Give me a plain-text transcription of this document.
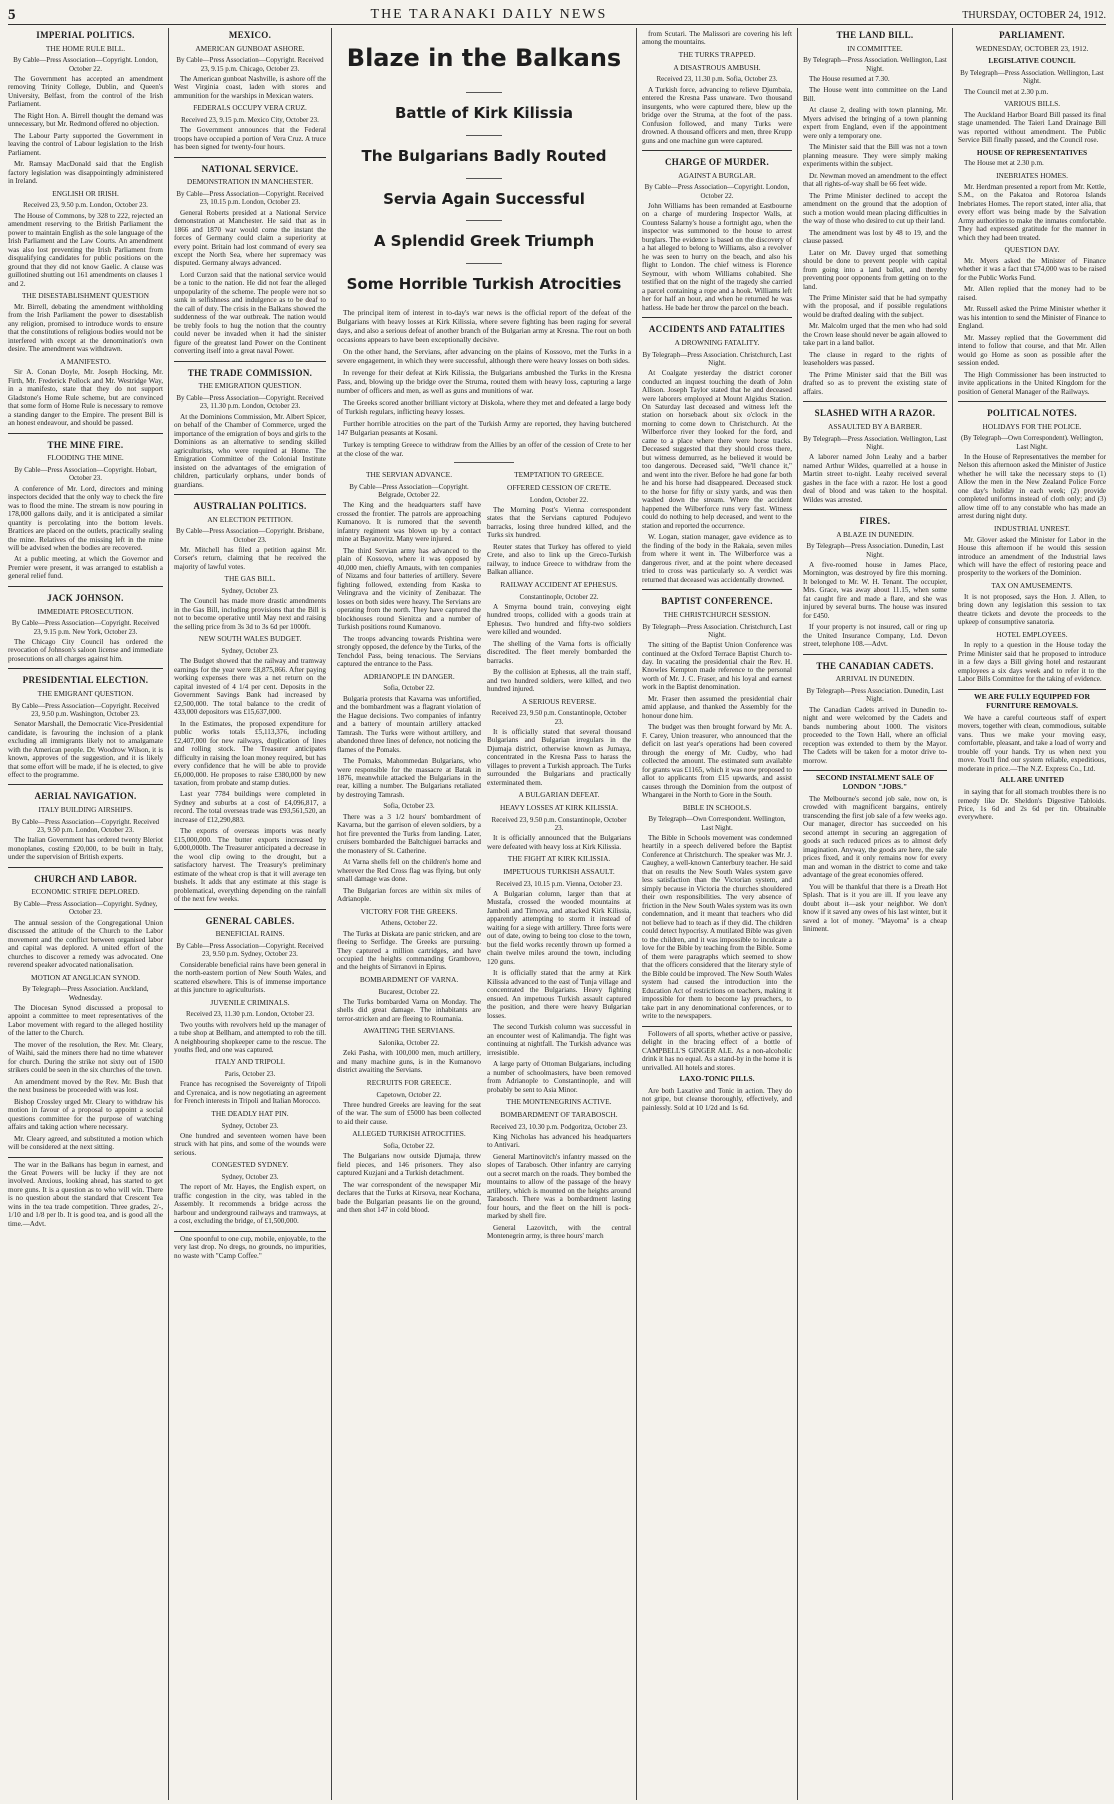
5	THE TARANAKI DAILY NEWS	THURSDAY, OCTOBER 24, 1912.
IMPERIAL POLITICS.
THE HOME RULE BILL.
By Cable—Press Association—Copyright. London, October 22.

The Government has accepted an amendment removing Trinity College, Dublin, and Queen's University, Belfast, from the control of the Irish Parliament.

The Right Hon. A. Birrell thought the demand was unnecessary, but Mr. Redmond offered no objection.

The Labour Party supported the Government in leaving the control of Labour legislation to the Irish Parliament.

Mr. Ramsay MacDonald said that the English factory legislation was disappointingly administered in Ireland.

ENGLISH OR IRISH.
Received 23, 9.50 p.m. London, October 23.

The House of Commons, by 328 to 222, rejected an amendment reserving to the British Parliament the power to maintain English as the sole language of the Irish Parliament and the Law Courts. An amendment was also lost preventing the Irish Parliament from disqualifying candidates for public positions on the ground that they did not know Gaelic. A clause was guillotined shutting out 161 amendments on clauses 1 and 2.

THE DISESTABLISHMENT QUESTION

Mr. Birrell, debating the amendment withholding from the Irish Parliament the power to disestablish any religion, promised to introduce words to ensure that the constitutions of religious bodies would not be interfered with except at the denomination's own desire. The amendment was withdrawn.

A MANIFESTO.

Sir A. Conan Doyle, Mr. Joseph Hocking, Mr. Firth, Mr. Frederick Pollock and Mr. Westridge Way, in a manifesto, state that they do not support Gladstone's Home Rule scheme, but are convinced that some form of Home Rule is necessary to remove a standing danger to the Empire. The present Bill is an honest endeavour, and should be passed.

THE MINE FIRE.
FLOODING THE MINE.
By Cable—Press Association—Copyright. Hobart, October 23.

A conference of Mr. Lord, directors and mining inspectors decided that the only way to check the fire was to flood the mine. The stream is now pouring in 178,000 gallons daily, and it is anticipated a similar quantity is percolating into the bottom levels. Brattices are placed on the outlets, practically sealing the mine. Relatives of the missing left in the mine will be advised when the bodies are recovered.

At a public meeting, at which the Governor and Premier were present, it was arranged to establish a general relief fund.

JACK JOHNSON.
IMMEDIATE PROSECUTION.
By Cable—Press Association—Copyright. Received 23, 9.15 p.m. New York, October 23.

The Chicago City Council has ordered the revocation of Johnson's saloon license and immediate prosecutions on all charges against him.

PRESIDENTIAL ELECTION.
THE EMIGRANT QUESTION.
By Cable—Press Association—Copyright. Received 23, 9.50 p.m. Washington, October 23.

Senator Marshall, the Democratic Vice-Presidential candidate, is favouring the inclusion of a plank excluding all immigrants likely not to amalgamate with the American people. Dr. Woodrow Wilson, it is known, approves of the suggestion, and it is likely that some effort will be made, if he is elected, to give effect to the programme.

AERIAL NAVIGATION.
ITALY BUILDING AIRSHIPS.
By Cable—Press Association—Copyright. Received 23, 9.50 p.m. London, October 23.

The Italian Government has ordered twenty Bleriot monoplanes, costing £20,000, to be built in Italy, under the supervision of British experts.

CHURCH AND LABOR.
ECONOMIC STRIFE DEPLORED.
By Cable—Press Association—Copyright. Sydney, October 23.

The annual session of the Congregational Union discussed the attitude of the Church to the Labor movement and the conflict between organised labor and capital was deplored. A united effort of the churches to discover a remedy was advocated. One reverend speaker advocated nationalisation.

MOTION AT ANGLICAN SYNOD.
By Telegraph—Press Association. Auckland, Wednesday.

The Diocesan Synod discussed a proposal to appoint a committee to meet representatives of the Labor movement with regard to the alleged hostility of the latter to the Church.

The mover of the resolution, the Rev. Mr. Cleary, of Waihi, said the miners there had no time whatever for church. During the strike not sixty out of 1500 strikers could be seen in the six churches of the town.

An amendment moved by the Rev. Mr. Bush that the next business be proceeded with was lost.

Bishop Crossley urged Mr. Cleary to withdraw his motion in favour of a proposal to appoint a social questions committee for the purpose of watching affairs and taking action where necessary.

Mr. Cleary agreed, and substituted a motion which will be considered at the next sitting.

The war in the Balkans has begun in earnest, and the Great Powers will be lucky if they are not involved. Anxious, looking ahead, has started to get more guns. It is a question as to who will win. There is no question about the standard that Crescent Tea wins in the tea trade competition. Three grades, 2/-, 1/10 and 1/8 per lb. It is good tea, and is good all the time.—Advt.

MEXICO.
AMERICAN GUNBOAT ASHORE.
By Cable—Press Association—Copyright. Received 23, 9.15 p.m. Chicago, October 23.

The American gunboat Nashville, is ashore off the West Virginia coast, laden with stores and ammunition for the warships in Mexican waters.

FEDERALS OCCUPY VERA CRUZ.
Received 23, 9.15 p.m. Mexico City, October 23.

The Government announces that the Federal troops have occupied a portion of Vera Cruz. A truce has been signed for twenty-four hours.

NATIONAL SERVICE.
DEMONSTRATION IN MANCHESTER.
By Cable—Press Association—Copyright. Received 23, 10.15 p.m. London, October 23.

General Roberts presided at a National Service demonstration at Manchester. He said that as in 1866 and 1870 war would come the instant the forces of Germany could claim a superiority at every point. Britain had lost command of every sea except the North Sea, where her supremacy was disputed. Germany always advanced.

Lord Curzon said that the national service would be a tonic to the nation. He did not fear the alleged unpopularity of the scheme. The people were not so sunk in selfishness and indulgence as to be deaf to the call of duty. The crisis in the Balkans showed the suddenness of the war outbreak. The nation would be trebly fools to hug the notion that the country could never be invaded when it had the sinister figure of the greatest land Power on the Continent converting itself into a great naval Power.

THE TRADE COMMISSION.
THE EMIGRATION QUESTION.
By Cable—Press Association—Copyright. Received 23, 11.30 p.m. London, October 23.

At the Dominions Commission, Mr. Albert Spicer, on behalf of the Chamber of Commerce, urged the importance of the emigration of boys and girls to the Dominions as an alternative to sending skilled agriculturists, who were required at Home. The Emigration Committee of the Colonial Institute insisted on the advantages of the emigration of children, particularly orphans, under bonds of guardians.

AUSTRALIAN POLITICS.
AN ELECTION PETITION.
By Cable—Press Association—Copyright. Brisbane, October 23.

Mr. Mitchell has filed a petition against Mr. Corser's return, claiming that he received the majority of lawful votes.

THE GAS BILL.
Sydney, October 23.

The Council has made more drastic amendments in the Gas Bill, including provisions that the Bill is not to become operative until May next and raising the selling price from 3s 3d to 3s 6d per 1000ft.

NEW SOUTH WALES BUDGET.
Sydney, October 23.

The Budget showed that the railway and tramway earnings for the year were £8,875,866. After paying working expenses there was a net return on the capital invested of 4 1/4 per cent. Deposits in the Government Savings Bank had increased by £2,500,000. The total balance to the credit of 433,000 depositors was £15,637,000.

In the Estimates, the proposed expenditure for public works totals £5,113,376, including £2,407,000 for new railways, duplication of lines and rolling stock. The Treasurer anticipates difficulty in raising the loan money required, but has every confidence that he will be able to provide £6,000,000. He proposes to raise £380,000 by new taxation, from probate and stamp duties.

Last year 7784 buildings were completed in Sydney and suburbs at a cost of £4,096,817, a record. The total overseas trade was £93,561,520, an increase of £12,290,883.

The exports of overseas imports was nearly £15,000,000. The butter exports increased by 6,000,000lb. The Treasurer anticipated a decrease in the wool clip owing to the drought, but a satisfactory harvest. The Treasury's preliminary estimate of the wheat crop is that it will average ten bushels. It adds that any estimate at this stage is problematical, everything depending on the rainfall of the next few weeks.

GENERAL CABLES.
BENEFICIAL RAINS.
By Cable—Press Association—Copyright. Received 23, 9.50 p.m. Sydney, October 23.

Considerable beneficial rains have been general in the north-eastern portion of New South Wales, and scattered elsewhere. This is of immense importance at this juncture to agriculturists.

JUVENILE CRIMINALS.
Received 23, 11.30 p.m. London, October 23.

Two youths with revolvers held up the manager of a tube shop at Bellham, and attempted to rob the till. A neighbouring shopkeeper came to the rescue. The youths fled, and one was captured.

ITALY AND TRIPOLI.
Paris, October 23.

France has recognised the Sovereignty of Tripoli and Cyrenaica, and is now negotiating an agreement for French interests in Tripoli and Italian Morocco.

THE DEADLY HAT PIN.
Sydney, October 23.

One hundred and seventeen women have been struck with hat pins, and some of the wounds were serious.

CONGESTED SYDNEY.
Sydney, October 23.

The report of Mr. Hayes, the English expert, on traffic congestion in the city, was tabled in the Assembly. It recommends a bridge across the harbour and underground railways and tramways, at a cost, excluding the bridge, of £1,500,000.

One spoonful to one cup, mobile, enjoyable, to the very last drop. No dregs, no grounds, no impurities, no waste with "Camp Coffee."

Blaze in the Balkans
Battle of Kirk Kilissia
The Bulgarians Badly Routed
Servia Again Successful
A Splendid Greek Triumph
Some Horrible Turkish Atrocities

The principal item of interest in to-day's war news is the official report of the defeat of the Bulgarians with heavy losses at Kirk Kilissia, where severe fighting has been raging for several days, and also a serious defeat of another branch of the Bulgarian army at Kresna. The rout on both occasions appears to have been exceptionally decisive.

On the other hand, the Servians, after advancing on the plains of Kossovo, met the Turks in a severe engagement, in which they were successful, although there were heavy losses on both sides.

In revenge for their defeat at Kirk Kilissia, the Bulgarians ambushed the Turks in the Kresna Pass, and, blowing up the bridge over the Struma, routed them with heavy loss, capturing a large number of officers and men, as well as guns and munitions of war.

The Greeks scored another brilliant victory at Diskola, where they met and defeated a large body of Turkish regulars, inflicting heavy losses.

Further horrible atrocities on the part of the Turkish Army are reported, they having butchered 147 Bulgarian peasants at Kosani.

Turkey is tempting Greece to withdraw from the Allies by an offer of the cession of Crete to her at the close of the war.

THE SERVIAN ADVANCE.
By Cable—Press Association—Copyright. Belgrade, October 22.

The King and the headquarters staff have crossed the frontier. The patrols are approaching Kumanovo. It is rumored that the seventh infantry regiment was blown up by a contact mine at Bayanovitz. Many were injured.

The third Servian army has advanced to the plain of Kossovo, where it was opposed by 40,000 men, chiefly Arnauts, with ten companies of Nizams and four batteries of artillery. Severe fighting followed, extending from Kaska to Velingrava and the vicinity of Zenibazar. The losses on both sides were heavy. The Servians are operating from the north. They have captured the blockhouses round Sienitza and a number of Turkish positions round Kumanovo.

The troops advancing towards Prishtina were strongly opposed, the defence by the Turks, of the Tenchdol Pass, being tenacious. The Servians captured the entrance to the Pass.

ADRIANOPLE IN DANGER.
Sofia, October 22.

Bulgaria protests that Kavarna was unfortified, and the bombardment was a flagrant violation of the Hague decisions. Two companies of infantry and a battery of mountain artillery attacked Tamrash. The Turks were without artillery, and abandoned three lines of defence, not noticing the flames of the Pomaks.

The Pomaks, Mahommedan Bulgarians, who were responsible for the massacre at Batak in 1876, meanwhile attacked the Bulgarians in the rear, killing a number. The Bulgarians retaliated by destroying Tamrash.

Sofia, October 23.

There was a 3 1/2 hours' bombardment of Kavarna, but the garrison of eleven soldiers, by a hot fire prevented the Turks from landing. Later, cruisers bombarded the Baltchiguei barracks and the monastery of St. Catherine.

At Varna shells fell on the children's home and wherever the Red Cross flag was flying, but only small damage was done.

The Bulgarian forces are within six miles of Adrianople.

VICTORY FOR THE GREEKS.
Athens, October 22.

The Turks at Diskata are panic stricken, and are fleeing to Serfidge. The Greeks are pursuing. They captured a million cartridges, and have occupied the heights commanding Grambovo, and the heights of Sirranovi in Epirus.

BOMBARDMENT OF VARNA.
Bucarest, October 22.

The Turks bombarded Varna on Monday. The shells did great damage. The inhabitants are terror-stricken and are fleeing to Roumania.

AWAITING THE SERVIANS.
Salonika, October 22.

Zeki Pasha, with 100,000 men, much artillery, and many machine guns, is in the Kumanovo district awaiting the Servians.

RECRUITS FOR GREECE.
Capetown, October 22.

Three hundred Greeks are leaving for the seat of the war. The sum of £5000 has been collected to aid their cause.

ALLEGED TURKISH ATROCITIES.
Sofia, October 22.

The Bulgarians now outside Djumaja, threw field pieces, and 146 prisoners. They also captured Kuzjani and a Turkish detachment.

The war correspondent of the newspaper Mir declares that the Turks at Kirsova, near Kochana, bade the Bulgarian peasants lie on the ground, and then shot 147 in cold blood.

TEMPTATION TO GREECE.
OFFERED CESSION OF CRETE.
London, October 22.

The Morning Post's Vienna correspondent states that the Servians captured Podujevo barracks, losing three hundred killed, and the Turks six hundred.

Reuter states that Turkey has offered to yield Crete, and also to link up the Greco-Turkish railway, to induce Greece to withdraw from the Balkan alliance.

RAILWAY ACCIDENT AT EPHESUS.
Constantinople, October 22.

A Smyrna bound train, conveying eight hundred troops, collided with a goods train at Ephesus. Two hundred and fifty-two soldiers were killed and wounded.

The shelling of the Varna forts is officially discredited. The fleet merely bombarded the barracks.

By the collision at Ephesus, all the train staff, and two hundred soldiers, were killed, and two hundred injured.

A SERIOUS REVERSE.
Received 23, 9.50 p.m. Constantinople, October 23.

It is officially stated that several thousand Bulgarians and Bulgarian irregulars in the Djumaja district, otherwise known as Jumaya, concentrated in the Kresna Pass to harass the villages to prevent a Turkish approach. The Turks surrounded the Bulgarians and practically exterminated them.

A BULGARIAN DEFEAT.
HEAVY LOSSES AT KIRK KILISSIA.
Received 23, 9.50 p.m. Constantinople, October 23.

It is officially announced that the Bulgarians were defeated with heavy loss at Kirk Kilissia.

THE FIGHT AT KIRK KILISSIA.
IMPETUOUS TURKISH ASSAULT.
Received 23, 10.15 p.m. Vienna, October 23.

A Bulgarian column, larger than that at Mustafa, crossed the wooded mountains at Jamboli and Tirnova, and attacked Kirk Kilissia, apparently attempting to storm it instead of waiting for a siege with artillery. Three forts were out of date, owing to being too close to the town, but the field works recently thrown up formed a chain twelve miles around the town, including 120 guns.

It is officially stated that the army at Kirk Kilissia advanced to the east of Tunja village and concentrated the Bulgarians. Heavy fighting ensued. An impetuous Turkish assault captured the position, and there were heavy Bulgarian losses.

The second Turkish column was successful in an encounter west of Kalimandja. The fight was continuing at nightfall. The Turkish advance was irresistible.

A large party of Ottoman Bulgarians, including a number of schoolmasters, have been removed from Adrianople to Constantinople, and will probably be sent to Asia Minor.

THE MONTENEGRINS ACTIVE.
BOMBARDMENT OF TARABOSCH.
Received 23, 10.30 p.m. Podgoritza, October 23.

King Nicholas has advanced his headquarters to Antivari.

General Martinovitch's infantry massed on the slopes of Tarabosch. Other infantry are carrying out a secret march on the roads. They bombed the mountains to allow of the passage of the heavy artillery, which is mounted on the heights around Tarabosch. There was a bombardment lasting four hours, and the fleet on the hill is pock-marked by shell fire.

General Lazovitch, with the central Montenegrin army, is three hours' march

from Scutari. The Malissori are covering his left among the mountains.

THE TURKS TRAPPED.
A DISASTROUS AMBUSH.
Received 23, 11.30 p.m. Sofia, October 23.

A Turkish force, advancing to relieve Djumbaia, entered the Kresna Pass unaware. Two thousand insurgents, who were captured there, blew up the bridge over the Struma, at the foot of the pass. Confusion followed, and many Turks were drowned. A thousand officers and men, three Krupp guns and one machine gun were captured.

CHARGE OF MURDER.
AGAINST A BURGLAR.
By Cable—Press Association—Copyright. London, October 22.

John Williams has been remanded at Eastbourne on a charge of murdering Inspector Walls, at Countess Salarny's house a fortnight ago, when the inspector was summoned to the house to arrest burglars. The evidence is based on the discovery of a hat alleged to belong to Williams, also a revolver he was seen to hurry on the beach, and also his flight to London. The chief witness is Florence Seymour, with whom Williams cohabited. She testified that on the night of the tragedy she carried a parcel containing a rope and a hook. Williams left her for half an hour, and when he returned he was hatless. He bade her throw the parcel on the beach.

ACCIDENTS AND FATALITIES
A DROWNING FATALITY.
By Telegraph—Press Association. Christchurch, Last Night.

At Coalgate yesterday the district coroner conducted an inquest touching the death of John Allison. Joseph Taylor stated that he and deceased were laborers employed at Mount Algidus Station. On Saturday last deceased and witness left the station on horseback about six o'clock in the morning to come down to Christchurch. At the Wilberforce river they looked for the ford, and came to a place where there were horse tracks. Deceased suggested that they should cross there, but witness demurred, as he believed it would be too dangerous. Deceased said, "We'll chance it," and went into the river. Before he had gone far both he and his horse had disappeared. Deceased stuck to the horse for fifty or sixty yards, and was then washed down the stream. Where the accident happened the Wilberforce runs very fast. Witness could do nothing to help deceased, and went to the station and reported the occurrence.

W. Logan, station manager, gave evidence as to the finding of the body in the Rakaia, seven miles from where it went in. The Wilberforce was a dangerous river, and at the point where deceased tried to cross was particularly so. A verdict was returned that deceased was accidentally drowned.

BAPTIST CONFERENCE.
THE CHRISTCHURCH SESSION.
By Telegraph—Press Association. Christchurch, Last Night.

The sitting of the Baptist Union Conference was continued at the Oxford Terrace Baptist Church to-day. In vacating the presidential chair the Rev. H. Knowles Kempton made reference to the personal worth of Mr. J. C. Fraser, and his loyal and earnest work in the Baptist denomination.

Mr. Fraser then assumed the presidential chair amid applause, and thanked the Assembly for the honour done him.

The budget was then brought forward by Mr. A. F. Carey, Union treasurer, who announced that the deficit on last year's operations had been covered through the energy of Mr. Cudby, who had collected the amount. The estimated sum available for grants was £1165, which it was now proposed to allot to applicants from £15 upwards, and assist causes through the Dominion from the outpost of Whangarei in the North to Gore in the South.

BIBLE IN SCHOOLS.
By Telegraph—Own Correspondent. Wellington, Last Night.

The Bible in Schools movement was condemned heartily in a speech delivered before the Baptist Conference at Christchurch. The speaker was Mr. J. Caughey, a well-known Canterbury teacher. He said that on results the New South Wales system gave less satisfaction than the Victorian system, and simply because in Victoria the churches shouldered their own responsibilities. The very absence of friction in the New South Wales system was its own condemnation, and it meant that teachers who did not believe had to teach as if they did. The children could detect hypocrisy. A mutilated Bible was given to the children, and it was impossible to inculcate a love for the Bible by teaching from the Bible. Some of them were paragraphs which seemed to show that the officers considered that the literary style of the Bible could be improved. The New South Wales system had caused the introduction into the Education Act of restrictions on teachers, making it impossible for them to become lay preachers, to take part in any denominational conferences, or to write to the newspapers.

Followers of all sports, whether active or passive, delight in the bracing effect of a bottle of CAMPBELL'S GINGER ALE. As a non-alcoholic drink it has no equal. As a stand-by in the home it is unrivalled. All hotels and stores.

LAXO-TONIC PILLS.

Are both Laxative and Tonic in action. They do not gripe, but cleanse thoroughly, effectively, and painlessly. Sold at 10 1/2d and 1s 6d.

THE LAND BILL.
IN COMMITTEE.
By Telegraph—Press Association. Wellington, Last Night.

The House resumed at 7.30.

The House went into committee on the Land Bill.

At clause 2, dealing with town planning, Mr. Myers advised the bringing of a town planning expert from England, even if the appointment were only a temporary one.

The Minister said that the Bill was not a town planning measure. They were simply making experiments within the subject.

Dr. Newman moved an amendment to the effect that all rights-of-way shall be 66 feet wide.

The Prime Minister declined to accept the amendment on the ground that the adoption of such a motion would mean placing difficulties in the way of those who desired to cut up their land.

The amendment was lost by 48 to 19, and the clause passed.

Later on Mr. Davey urged that something should be done to prevent people with capital from going into a land ballot, and thereby preventing poor opponents from getting on to the land.

The Prime Minister said that he had sympathy with the proposal, and if possible regulations would be drafted dealing with the subject.

Mr. Malcolm urged that the men who had sold the Crown lease should never be again allowed to take part in a land ballot.

The clause in regard to the rights of leaseholders was passed.

The Prime Minister said that the Bill was drafted so as to prevent the existing state of affairs.

SLASHED WITH A RAZOR.
ASSAULTED BY A BARBER.
By Telegraph—Press Association. Wellington, Last Night.

A laborer named John Leahy and a barber named Arthur Wildes, quarrelled at a house in Martin street to-night. Leahy received several gashes in the face with a razor. He lost a good deal of blood and was taken to the hospital. Wildes was arrested.

FIRES.
A BLAZE IN DUNEDIN.
By Telegraph—Press Association. Dunedin, Last Night.

A five-roomed house in James Place, Mornington, was destroyed by fire this morning. It belonged to Mr. W. H. Tenant. The occupier, Mrs. Grace, was away about 11.15, when some fat caught fire and made a flare, and she was injured by several burns. The house was insured for £450.

If your property is not insured, call or ring up the United Insurance Company, Ltd. Devon street, telephone 108.—Advt.

THE CANADIAN CADETS.
ARRIVAL IN DUNEDIN.
By Telegraph—Press Association. Dunedin, Last Night.

The Canadian Cadets arrived in Dunedin to-night and were welcomed by the Cadets and bands numbering about 1000. The visitors proceeded to the Town Hall, where an official reception was extended to them by the Mayor. The Cadets will be taken for a motor drive to-morrow.

SECOND INSTALMENT SALE OF LONDON "JOBS."

The Melbourne's second job sale, now on, is crowded with magnificent bargains, entirely transcending the first job sale of a few weeks ago. Our manager, director has succeeded on his second attempt in securing an aggregation of goods at such reduced prices as to almost defy imagination. Anyway, the goods are here, the sale prices fixed, and it only remains now for every man and woman in the district to come and take advantage of the great economies offered.

You will be thankful that there is a Dreath Hot Splash. That is it you are ill. If you leave any doubt about it—ask your neighbor. We don't know if it saved any owes of his last winter, but it saved a lot of money. "Mayoma" is a cheap liniment.

PARLIAMENT.
WEDNESDAY, OCTOBER 23, 1912.
LEGISLATIVE COUNCIL
By Telegraph—Press Association. Wellington, Last Night.

The Council met at 2.30 p.m.

VARIOUS BILLS.

The Auckland Harbor Board Bill passed its final stage unamended. The Taieri Land Drainage Bill was reported without amendment. The Public Service Bill finally passed, and the Council rose.

HOUSE OF REPRESENTATIVES

The House met at 2.30 p.m.

INEBRIATES HOMES.

Mr. Herdman presented a report from Mr. Kettle, S.M., on the Pakatoa and Rotoroa Islands Inebriates Homes. The report stated, inter alia, that every effort was being made by the Salvation Army authorities to make the inmates comfortable. They had expressed gratitude for the manner in which they had been treated.

QUESTION DAY.

Mr. Myers asked the Minister of Finance whether it was a fact that £74,000 was to be raised for the Public Works Fund.

Mr. Allen replied that the money had to be raised.

Mr. Russell asked the Prime Minister whether it was his intention to send the Minister of Finance to England.

Mr. Massey replied that the Government did intend to follow that course, and that Mr. Allen would go Home as soon as possible after the session ended.

The High Commissioner has been instructed to invite applications in the United Kingdom for the position of General Manager of the Railways.

POLITICAL NOTES.
HOLIDAYS FOR THE POLICE.
(By Telegraph—Own Correspondent). Wellington, Last Night.

In the House of Representatives the member for Nelson this afternoon asked the Minister of Justice whether he will take the necessary steps to (1) Allow the men in the New Zealand Police Force one day's holiday in each week; (2) provide completed uniforms instead of cloth only; and (3) allow time off to any constable who has made an arrest during night duty.

INDUSTRIAL UNREST.

Mr. Glover asked the Minister for Labor in the House this afternoon if he would this session introduce an amendment of the Industrial laws which will have the effect of restoring peace and prosperity to the workers of the Dominion.

TAX ON AMUSEMENTS.

It is not proposed, says the Hon. J. Allen, to bring down any legislation this session to tax theatre tickets and devote the proceeds to the upkeep of consumptive sanatoria.

HOTEL EMPLOYEES.

In reply to a question in the House today the Prime Minister said that he proposed to introduce in a few days a Bill giving hotel and restaurant employees a six days week and to refer it to the Labor Bills Committee for the taking of evidence.

WE ARE FULLY EQUIPPED FOR FURNITURE REMOVALS.

We have a careful courteous staff of expert movers, together with clean, commodious, suitable vans. Thus we make your moving easy, comfortable, pleasant, and take a load of worry and trouble off your hands. Try us when next you move. You'll find our system reliable, expeditious, moderate in price.—The N.Z. Express Co., Ltd.

ALL ARE UNITED

in saying that for all stomach troubles there is no remedy like Dr. Sheldon's Digestive Tabloids. Price, 1s 6d and 2s 6d per tin. Obtainable everywhere.
